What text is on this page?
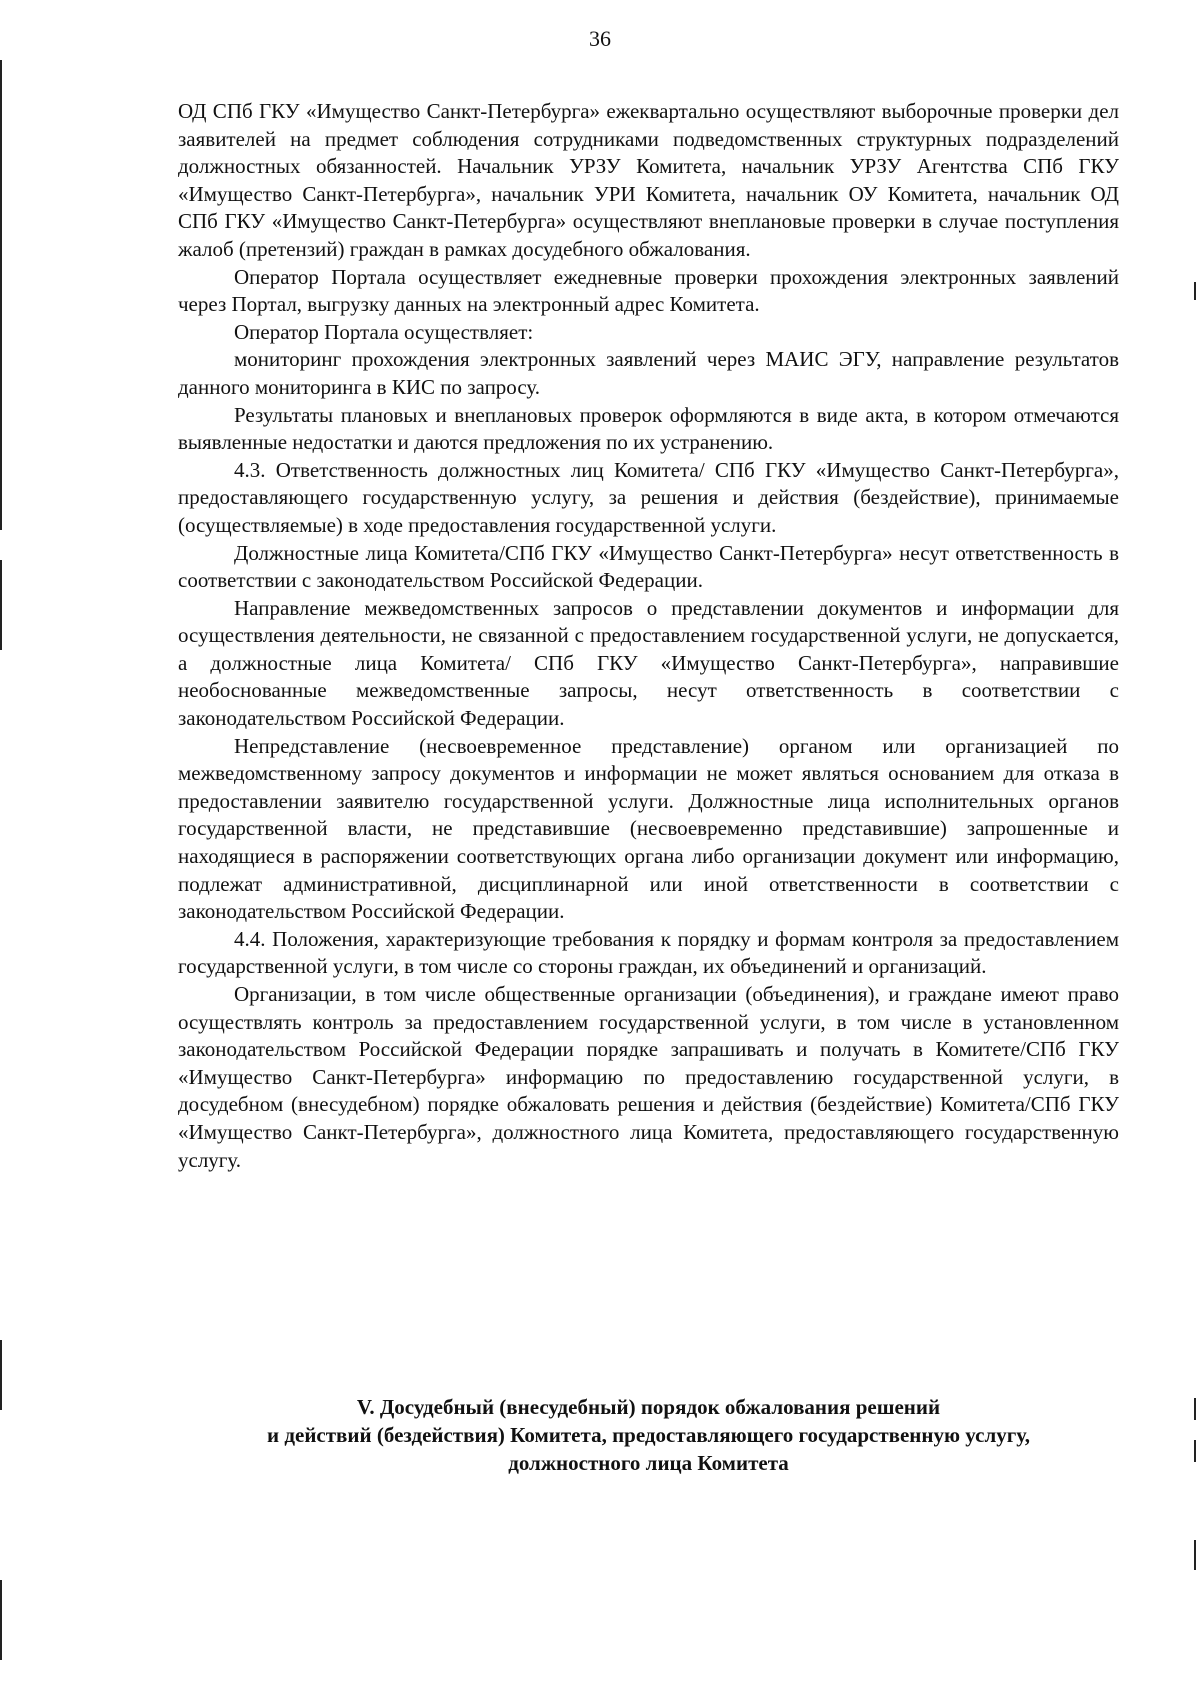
36

ОД СПб ГКУ «Имущество Санкт-Петербурга» ежеквартально осуществляют выборочные проверки дел заявителей на предмет соблюдения сотрудниками подведомственных структурных подразделений должностных обязанностей. Начальник УРЗУ Комитета, начальник УРЗУ Агентства СПб ГКУ «Имущество Санкт-Петербурга», начальник УРИ Комитета, начальник ОУ Комитета, начальник ОД СПб ГКУ «Имущество Санкт-Петербурга» осуществляют внеплановые проверки в случае поступления жалоб (претензий) граждан в рамках досудебного обжалования.

Оператор Портала осуществляет ежедневные проверки прохождения электронных заявлений через Портал, выгрузку данных на электронный адрес Комитета.

Оператор Портала осуществляет:

мониторинг прохождения электронных заявлений через МАИС ЭГУ, направление результатов данного мониторинга в КИС по запросу.

Результаты плановых и внеплановых проверок оформляются в виде акта, в котором отмечаются выявленные недостатки и даются предложения по их устранению.

4.3. Ответственность должностных лиц Комитета/ СПб ГКУ «Имущество Санкт-Петербурга», предоставляющего государственную услугу, за решения и действия (бездействие), принимаемые (осуществляемые) в ходе предоставления государственной услуги.

Должностные лица Комитета/СПб ГКУ «Имущество Санкт-Петербурга» несут ответственность в соответствии с законодательством Российской Федерации.

Направление межведомственных запросов о представлении документов и информации для осуществления деятельности, не связанной с предоставлением государственной услуги, не допускается, а должностные лица Комитета/ СПб ГКУ «Имущество Санкт-Петербурга», направившие необоснованные межведомственные запросы, несут ответственность в соответствии с законодательством Российской Федерации.

Непредставление (несвоевременное представление) органом или организацией по межведомственному запросу документов и информации не может являться основанием для отказа в предоставлении заявителю государственной услуги. Должностные лица исполнительных органов государственной власти, не представившие (несвоевременно представившие) запрошенные и находящиеся в распоряжении соответствующих органа либо организации документ или информацию, подлежат административной, дисциплинарной или иной ответственности в соответствии с законодательством Российской Федерации.

4.4. Положения, характеризующие требования к порядку и формам контроля за предоставлением государственной услуги, в том числе со стороны граждан, их объединений и организаций.

Организации, в том числе общественные организации (объединения), и граждане имеют право осуществлять контроль за предоставлением государственной услуги, в том числе в установленном законодательством Российской Федерации порядке запрашивать и получать в Комитете/СПб ГКУ «Имущество Санкт-Петербурга» информацию по предоставлению государственной услуги, в досудебном (внесудебном) порядке обжаловать решения и действия (бездействие) Комитета/СПб ГКУ «Имущество Санкт-Петербурга», должностного лица Комитета, предоставляющего государственную услугу.

V. Досудебный (внесудебный) порядок обжалования решений
и действий (бездействия) Комитета, предоставляющего государственную услугу,
должностного лица Комитета
